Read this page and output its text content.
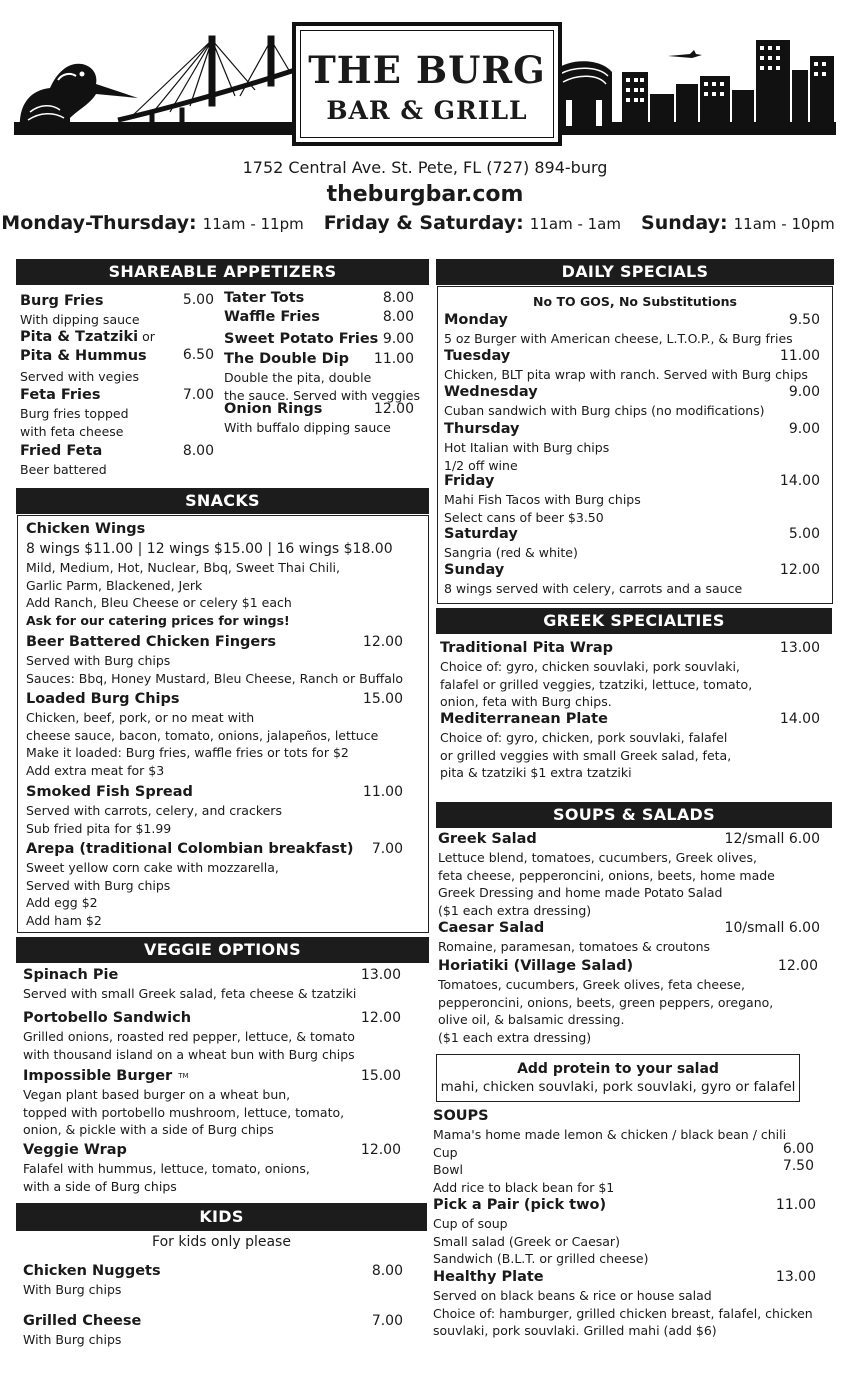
THE BURG
BAR & GRILL
1752 Central Ave. St. Pete, FL (727) 894-burg
theburgbar.com
Monday-Thursday: 11am - 11pm Friday & Saturday: 11am - 1am Sunday: 11am - 10pm
SHAREABLE APPETIZERS
Burg Fries
With dipping sauce
5.00
Pita & Tzatziki or
Pita & Hummus
Served with vegies
6.50
Feta Fries
Burg fries topped
with feta cheese
7.00
Fried Feta
Beer battered
8.00
Tater Tots	8.00
Waffle Fries	8.00
Sweet Potato Fries 9.00
The Double Dip
Double the pita, double
the sauce. Served with veggies
11.00
Onion Rings
With buffalo dipping sauce
12.00
SNACKS
Chicken Wings
8 wings $11.00 | 12 wings $15.00 | 16 wings $18.00
Mild, Medium, Hot, Nuclear, Bbq, Sweet Thai Chili,
Garlic Parm, Blackened, Jerk
Add Ranch, Bleu Cheese or celery $1 each
Ask for our catering prices for wings!
Beer Battered Chicken Fingers
Served with Burg chips
Sauces: Bbq, Honey Mustard, Bleu Cheese, Ranch or Buffalo
12.00
Loaded Burg Chips
Chicken, beef, pork, or no meat with
cheese sauce, bacon, tomato, onions, jalapeños, lettuce
Make it loaded: Burg fries, waffle fries or tots for $2
Add extra meat for $3
15.00
Smoked Fish Spread
Served with carrots, celery, and crackers
Sub fried pita for $1.99
11.00
Arepa (traditional Colombian breakfast)
Sweet yellow corn cake with mozzarella,
Served with Burg chips
Add egg $2
Add ham $2
7.00
VEGGIE OPTIONS
Spinach Pie
Served with small Greek salad, feta cheese & tzatziki
13.00
Portobello Sandwich
Grilled onions, roasted red pepper, lettuce, & tomato
with thousand island on a wheat bun with Burg chips
12.00
Impossible Burger TM
Vegan plant based burger on a wheat bun,
topped with portobello mushroom, lettuce, tomato,
onion, & pickle with a side of Burg chips
15.00
Veggie Wrap
Falafel with hummus, lettuce, tomato, onions,
with a side of Burg chips
12.00
KIDS
For kids only please
Chicken Nuggets
With Burg chips
8.00
Grilled Cheese
With Burg chips
7.00
DAILY SPECIALS
No TO GOS, No Substitutions
Monday
5 oz Burger with American cheese, L.T.O.P., & Burg fries
9.50
Tuesday
Chicken, BLT pita wrap with ranch. Served with Burg chips
11.00
Wednesday
Cuban sandwich with Burg chips (no modifications)
9.00
Thursday
Hot Italian with Burg chips
1/2 off wine
9.00
Friday
Mahi Fish Tacos with Burg chips
Select cans of beer $3.50
14.00
Saturday
Sangria (red & white)
5.00
Sunday
8 wings served with celery, carrots and a sauce
12.00
GREEK SPECIALTIES
Traditional Pita Wrap
Choice of: gyro, chicken souvlaki, pork souvlaki,
falafel or grilled veggies, tzatziki, lettuce, tomato,
onion, feta with Burg chips.
13.00
Mediterranean Plate
Choice of: gyro, chicken, pork souvlaki, falafel
or grilled veggies with small Greek salad, feta,
pita & tzatziki $1 extra tzatziki
14.00
SOUPS & SALADS
Greek Salad
Lettuce blend, tomatoes, cucumbers, Greek olives,
feta cheese, pepperoncini, onions, beets, home made
Greek Dressing and home made Potato Salad
($1 each extra dressing)
12/small 6.00
Caesar Salad
Romaine, paramesan, tomatoes & croutons
10/small 6.00
Horiatiki (Village Salad)
Tomatoes, cucumbers, Greek olives, feta cheese,
pepperoncini, onions, beets, green peppers, oregano,
olive oil, & balsamic dressing.
($1 each extra dressing)
12.00
Add protein to your salad
mahi, chicken souvlaki, pork souvlaki, gyro or falafel
SOUPS
Mama's home made lemon & chicken / black bean / chili
Cup
Bowl
Add rice to black bean for $1
6.00
7.50
Pick a Pair (pick two)
Cup of soup
Small salad (Greek or Caesar)
Sandwich (B.L.T. or grilled cheese)
11.00
Healthy Plate
Served on black beans & rice or house salad
Choice of: hamburger, grilled chicken breast, falafel, chicken
souvlaki, pork souvlaki. Grilled mahi (add $6)
13.00
